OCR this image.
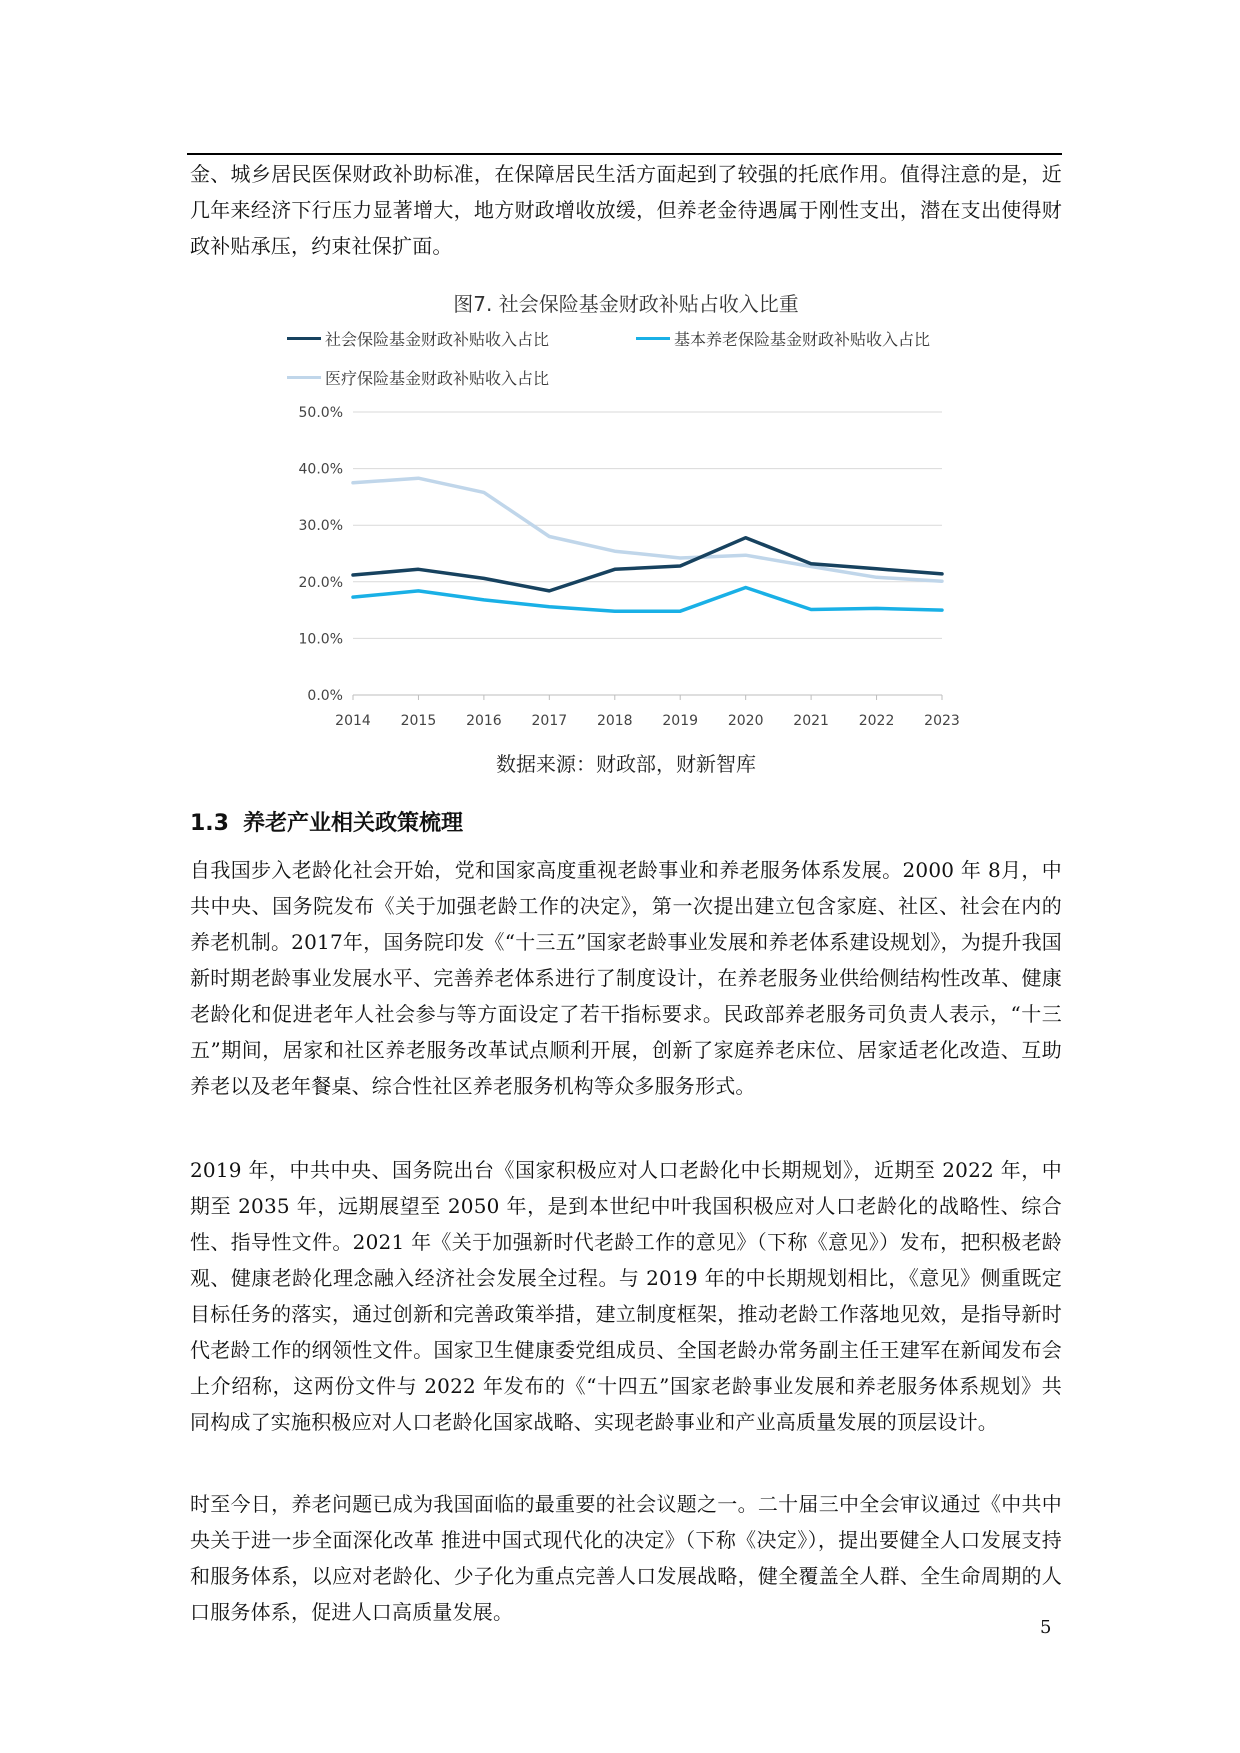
金、城乡居民医保财政补助标准，在保障居民生活方面起到了较强的托底作用。值得注意的是，近几年来经济下行压力显著增大，地方财政增收放缓，但养老金待遇属于刚性支出，潜在支出使得财政补贴承压，约束社保扩面。
图7. 社会保险基金财政补贴占收入比重
社会保险基金财政补贴收入占比	基本养老保险基金财政补贴收入占比
医疗保险基金财政补贴收入占比
0.0%
10.0%
20.0%
30.0%
40.0%
50.0%
2014 2015 2016 2017 2018 2019 2020 2021 2022 2023
数据来源：财政部，财新智库
1.3 养老产业相关政策梳理
自我国步入老龄化社会开始，党和国家高度重视老龄事业和养老服务体系发展。2000 年 8月，中共中央、国务院发布《关于加强老龄工作的决定》，第一次提出建立包含家庭、社区、社会在内的养老机制。2017年，国务院印发《“十三五”国家老龄事业发展和养老体系建设规划》，为提升我国新时期老龄事业发展水平、完善养老体系进行了制度设计，在养老服务业供给侧结构性改革、健康老龄化和促进老年人社会参与等方面设定了若干指标要求。民政部养老服务司负责人表示，“十三五”期间，居家和社区养老服务改革试点顺利开展，创新了家庭养老床位、居家适老化改造、互助养老以及老年餐桌、综合性社区养老服务机构等众多服务形式。
2019 年，中共中央、国务院出台《国家积极应对人口老龄化中长期规划》，近期至 2022 年，中期至 2035 年，远期展望至 2050 年，是到本世纪中叶我国积极应对人口老龄化的战略性、综合性、指导性文件。2021 年《关于加强新时代老龄工作的意见》（下称《意见》）发布，把积极老龄观、健康老龄化理念融入经济社会发展全过程。与 2019 年的中长期规划相比，《意见》侧重既定目标任务的落实，通过创新和完善政策举措，建立制度框架，推动老龄工作落地见效，是指导新时代老龄工作的纲领性文件。国家卫生健康委党组成员、全国老龄办常务副主任王建军在新闻发布会上介绍称，这两份文件与 2022 年发布的《“十四五”国家老龄事业发展和养老服务体系规划》共同构成了实施积极应对人口老龄化国家战略、实现老龄事业和产业高质量发展的顶层设计。
时至今日，养老问题已成为我国面临的最重要的社会议题之一。二十届三中全会审议通过《中共中央关于进一步全面深化改革 推进中国式现代化的决定》（下称《决定》），提出要健全人口发展支持和服务体系，以应对老龄化、少子化为重点完善人口发展战略，健全覆盖全人群、全生命周期的人口服务体系，促进人口高质量发展。
5
